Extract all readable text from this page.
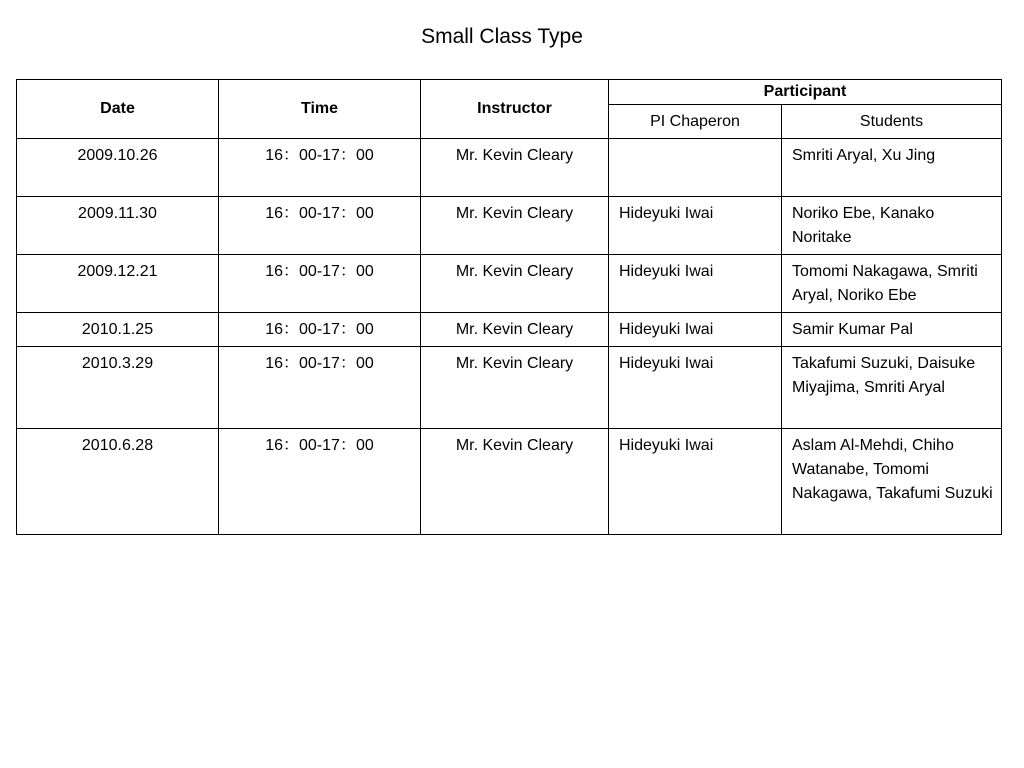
Small Class Type
Date	Time	Instructor	Participant	
			PI Chaperon	Students
2009.10.26	16：00-17：00	Mr. Kevin Cleary		Smriti Aryal, Xu Jing
2009.11.30	16：00-17：00	Mr. Kevin Cleary	Hideyuki Iwai	Noriko Ebe, Kanako Noritake
2009.12.21	16：00-17：00	Mr. Kevin Cleary	Hideyuki Iwai	Tomomi Nakagawa, Smriti Aryal, Noriko Ebe
2010.1.25	16：00-17：00	Mr. Kevin Cleary	Hideyuki Iwai	Samir Kumar Pal
2010.3.29	16：00-17：00	Mr. Kevin Cleary	Hideyuki Iwai	Takafumi Suzuki, Daisuke Miyajima, Smriti Aryal
2010.6.28	16：00-17：00	Mr. Kevin Cleary	Hideyuki Iwai	Aslam Al-Mehdi, Chiho Watanabe, Tomomi Nakagawa, Takafumi Suzuki
